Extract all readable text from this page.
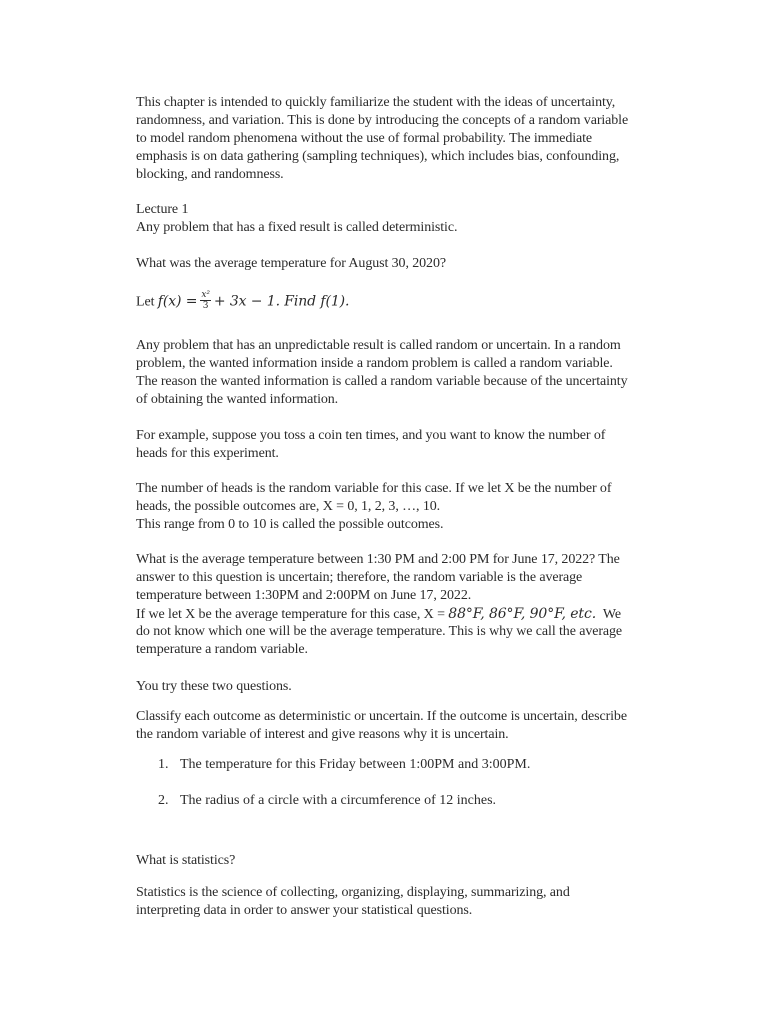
This chapter is intended to quickly familiarize the student with the ideas of uncertainty,
randomness, and variation. This is done by introducing the concepts of a random variable
to model random phenomena without the use of formal probability. The immediate
emphasis is on data gathering (sampling techniques), which includes bias, confounding,
blocking, and randomness.
Lecture 1
Any problem that has a fixed result is called deterministic.
What was the average temperature for August 30, 2020?
Let $f(x) = \frac{\text{x²}}{3} + 3x - 1$. Find f(1).
Any problem that has an unpredictable result is called random or uncertain. In a random
problem, the wanted information inside a random problem is called a random variable.
The reason the wanted information is called a random variable because of the uncertainty
of obtaining the wanted information.
For example, suppose you toss a coin ten times, and you want to know the number of
heads for this experiment.
The number of heads is the random variable for this case. If we let X be the number of
heads, the possible outcomes are, X = 0, 1, 2, 3, …, 10.
This range from 0 to 10 is called the possible outcomes.
What is the average temperature between 1:30 PM and 2:00 PM for June 17, 2022? The
answer to this question is uncertain; therefore, the random variable is the average
temperature between 1:30PM and 2:00PM on June 17, 2022.
If we let X be the average temperature for this case, X = 88°F, 86°F, 90°F, etc. We
do not know which one will be the average temperature. This is why we call the average
temperature a random variable.
You try these two questions.
Classify each outcome as deterministic or uncertain. If the outcome is uncertain, describe
the random variable of interest and give reasons why it is uncertain.
1. The temperature for this Friday between 1:00PM and 3:00PM.
2. The radius of a circle with a circumference of 12 inches.
What is statistics?
Statistics is the science of collecting, organizing, displaying, summarizing, and
interpreting data in order to answer your statistical questions.
